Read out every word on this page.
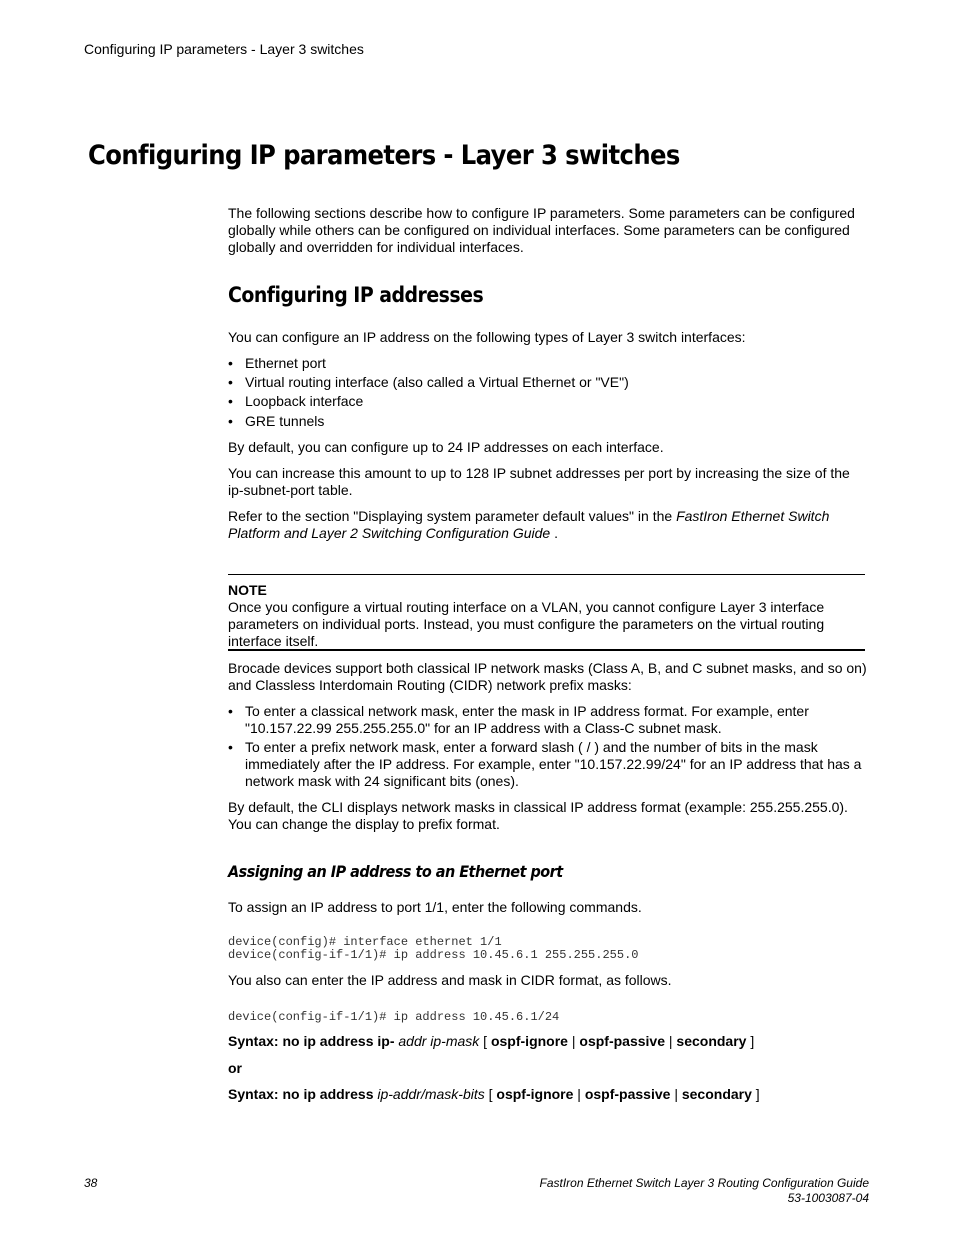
Configuring IP parameters - Layer 3 switches
Configuring IP parameters - Layer 3 switches
The following sections describe how to configure IP parameters. Some parameters can be configured globally while others can be configured on individual interfaces. Some parameters can be configured globally and overridden for individual interfaces.
Configuring IP addresses
You can configure an IP address on the following types of Layer 3 switch interfaces:
• Ethernet port
• Virtual routing interface (also called a Virtual Ethernet or "VE")
• Loopback interface
• GRE tunnels
By default, you can configure up to 24 IP addresses on each interface.
You can increase this amount to up to 128 IP subnet addresses per port by increasing the size of the ip-subnet-port table.
Refer to the section "Displaying system parameter default values" in the FastIron Ethernet Switch Platform and Layer 2 Switching Configuration Guide .
NOTE
Once you configure a virtual routing interface on a VLAN, you cannot configure Layer 3 interface parameters on individual ports. Instead, you must configure the parameters on the virtual routing interface itself.
Brocade devices support both classical IP network masks (Class A, B, and C subnet masks, and so on) and Classless Interdomain Routing (CIDR) network prefix masks:
• To enter a classical network mask, enter the mask in IP address format. For example, enter "10.157.22.99 255.255.255.0" for an IP address with a Class-C subnet mask.
• To enter a prefix network mask, enter a forward slash ( / ) and the number of bits in the mask immediately after the IP address. For example, enter "10.157.22.99/24" for an IP address that has a network mask with 24 significant bits (ones).
By default, the CLI displays network masks in classical IP address format (example: 255.255.255.0). You can change the display to prefix format.
Assigning an IP address to an Ethernet port
To assign an IP address to port 1/1, enter the following commands.
device(config)# interface ethernet 1/1
device(config-if-1/1)# ip address 10.45.6.1 255.255.255.0
You also can enter the IP address and mask in CIDR format, as follows.
device(config-if-1/1)# ip address 10.45.6.1/24
Syntax: no ip address ip- addr ip-mask [ ospf-ignore | ospf-passive | secondary ]
or
Syntax: no ip address ip-addr/mask-bits [ ospf-ignore | ospf-passive | secondary ]
38	FastIron Ethernet Switch Layer 3 Routing Configuration Guide
53-1003087-04
